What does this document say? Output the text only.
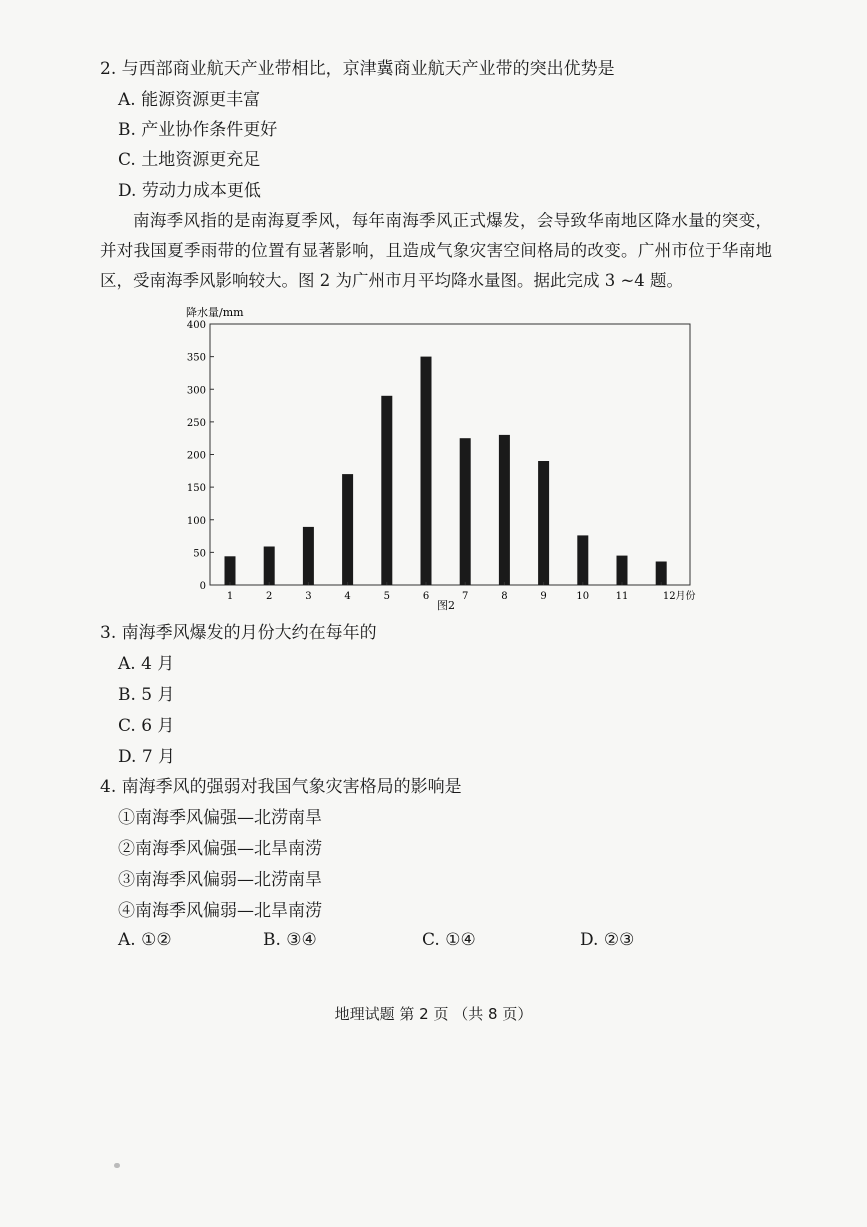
2. 与西部商业航天产业带相比，京津冀商业航天产业带的突出优势是
A. 能源资源更丰富
B. 产业协作条件更好
C. 土地资源更充足
D. 劳动力成本更低

南海季风指的是南海夏季风，每年南海季风正式爆发，会导致华南地区降水量的突变，并对我国夏季雨带的位置有显著影响，且造成气象灾害空间格局的改变。广州市位于华南地区，受南海季风影响较大。图 2 为广州市月平均降水量图。据此完成 3 ~4 题。

降水量/mm
0
50
100
150
200
250
300
350
400
1	2	3	4	5	6	7	8	9	10	11	12月份
图2
3. 南海季风爆发的月份大约在每年的
A. 4 月
B. 5 月
C. 6 月
D. 7 月
4. 南海季风的强弱对我国气象灾害格局的影响是
①南海季风偏强—北涝南旱
②南海季风偏强—北旱南涝
③南海季风偏弱—北涝南旱
④南海季风偏弱—北旱南涝
A. ①②	B. ③④	C. ①④	D. ②③
地理试题 第 2 页 （共 8 页）
